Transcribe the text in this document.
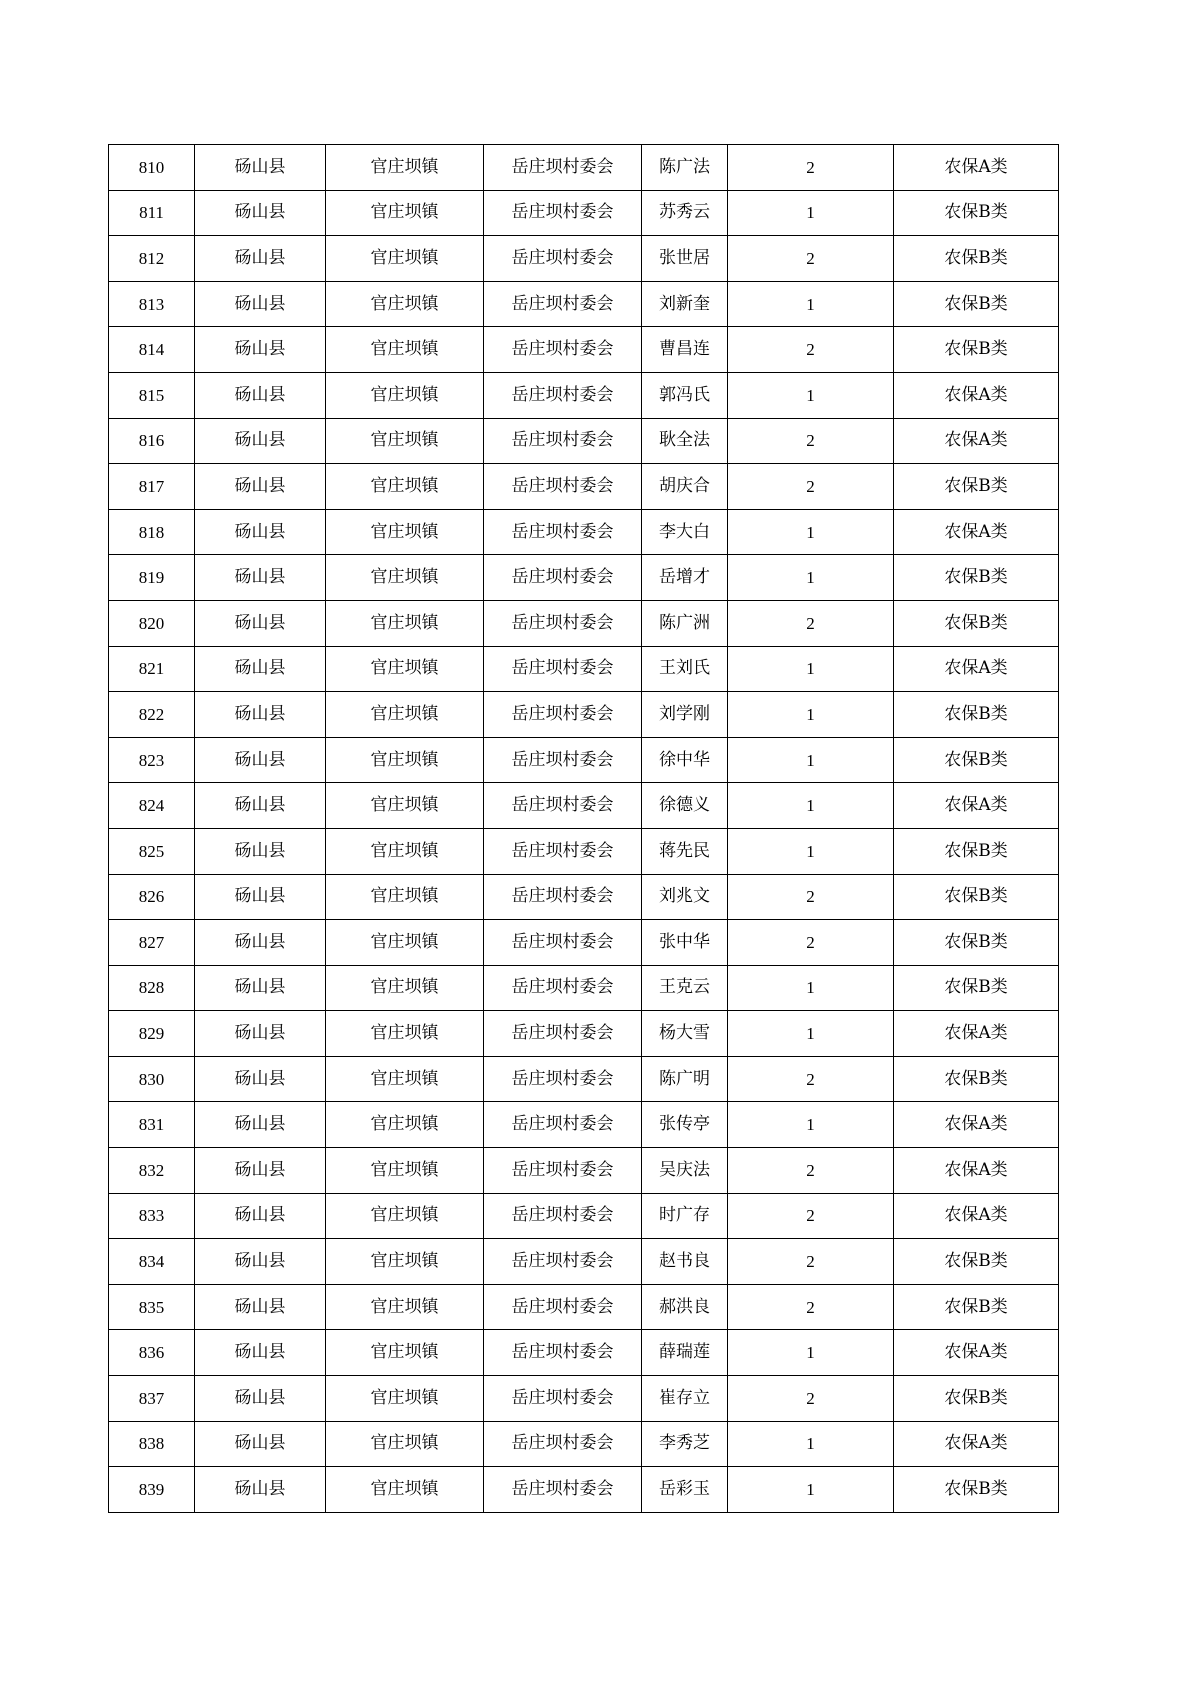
810	砀山县	官庄坝镇	岳庄坝村委会	陈广法	2	农保A类
811	砀山县	官庄坝镇	岳庄坝村委会	苏秀云	1	农保B类
812	砀山县	官庄坝镇	岳庄坝村委会	张世居	2	农保B类
813	砀山县	官庄坝镇	岳庄坝村委会	刘新奎	1	农保B类
814	砀山县	官庄坝镇	岳庄坝村委会	曹昌连	2	农保B类
815	砀山县	官庄坝镇	岳庄坝村委会	郭冯氏	1	农保A类
816	砀山县	官庄坝镇	岳庄坝村委会	耿全法	2	农保A类
817	砀山县	官庄坝镇	岳庄坝村委会	胡庆合	2	农保B类
818	砀山县	官庄坝镇	岳庄坝村委会	李大白	1	农保A类
819	砀山县	官庄坝镇	岳庄坝村委会	岳增才	1	农保B类
820	砀山县	官庄坝镇	岳庄坝村委会	陈广洲	2	农保B类
821	砀山县	官庄坝镇	岳庄坝村委会	王刘氏	1	农保A类
822	砀山县	官庄坝镇	岳庄坝村委会	刘学刚	1	农保B类
823	砀山县	官庄坝镇	岳庄坝村委会	徐中华	1	农保B类
824	砀山县	官庄坝镇	岳庄坝村委会	徐德义	1	农保A类
825	砀山县	官庄坝镇	岳庄坝村委会	蒋先民	1	农保B类
826	砀山县	官庄坝镇	岳庄坝村委会	刘兆文	2	农保B类
827	砀山县	官庄坝镇	岳庄坝村委会	张中华	2	农保B类
828	砀山县	官庄坝镇	岳庄坝村委会	王克云	1	农保B类
829	砀山县	官庄坝镇	岳庄坝村委会	杨大雪	1	农保A类
830	砀山县	官庄坝镇	岳庄坝村委会	陈广明	2	农保B类
831	砀山县	官庄坝镇	岳庄坝村委会	张传亭	1	农保A类
832	砀山县	官庄坝镇	岳庄坝村委会	吴庆法	2	农保A类
833	砀山县	官庄坝镇	岳庄坝村委会	时广存	2	农保A类
834	砀山县	官庄坝镇	岳庄坝村委会	赵书良	2	农保B类
835	砀山县	官庄坝镇	岳庄坝村委会	郝洪良	2	农保B类
836	砀山县	官庄坝镇	岳庄坝村委会	薛瑞莲	1	农保A类
837	砀山县	官庄坝镇	岳庄坝村委会	崔存立	2	农保B类
838	砀山县	官庄坝镇	岳庄坝村委会	李秀芝	1	农保A类
839	砀山县	官庄坝镇	岳庄坝村委会	岳彩玉	1	农保B类
